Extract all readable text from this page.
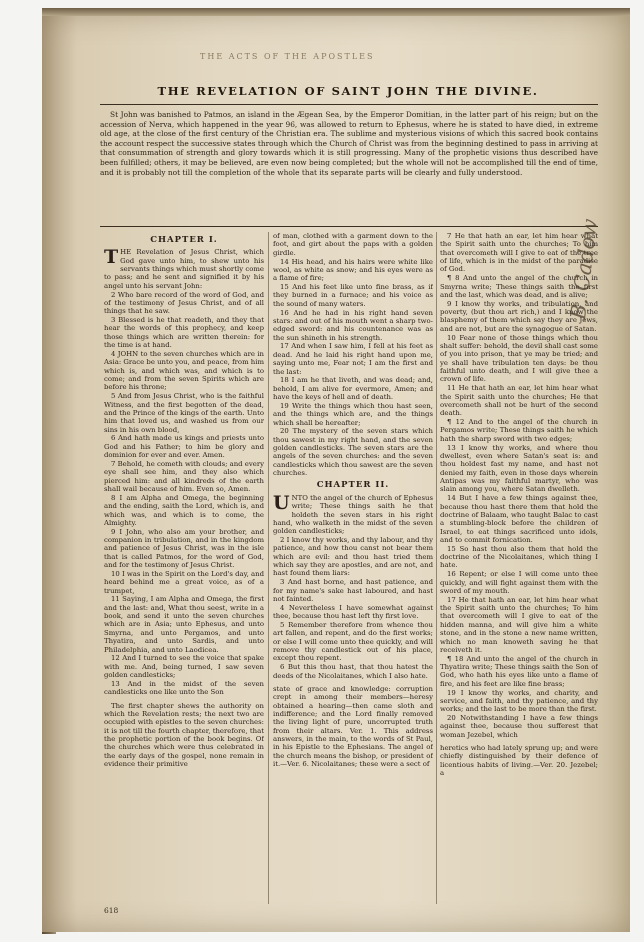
THE ACTS OF THE APOSTLES
THE REVELATION OF SAINT JOHN THE DIVINE.

St John was banished to Patmos, an island in the Ægean Sea, by the Emperor Domitian, in the latter part of his reign; but on the accession of Nerva, which happened in the year 96, was allowed to return to Ephesus, where he is stated to have died, in extreme old age, at the close of the first century of the Christian era. The sublime and mysterious visions of which this sacred book contains the account respect the successive states through which the Church of Christ was from the beginning destined to pass in arriving at that consummation of strength and glory towards which it is still progressing. Many of the prophetic visions thus described have been fulfilled; others, it may be believed, are even now being completed; but the whole will not be accomplished till the end of time, and it is probably not till the completion of the whole that its separate parts will be clearly and fully understood.

CHAPTER I.

THE Revelation of Jesus Christ, which God gave unto him, to shew unto his servants things which must shortly come to pass; and he sent and signified it by his angel unto his servant John:

2 Who bare record of the word of God, and of the testimony of Jesus Christ, and of all things that he saw.

3 Blessed is he that readeth, and they that hear the words of this prophecy, and keep those things which are written therein: for the time is at hand.

4 JOHN to the seven churches which are in Asia: Grace be unto you, and peace, from him which is, and which was, and which is to come; and from the seven Spirits which are before his throne;

5 And from Jesus Christ, who is the faithful Witness, and the first begotten of the dead, and the Prince of the kings of the earth. Unto him that loved us, and washed us from our sins in his own blood,

6 And hath made us kings and priests unto God and his Father; to him be glory and dominion for ever and ever. Amen.

7 Behold, he cometh with clouds; and every eye shall see him, and they also which pierced him: and all kindreds of the earth shall wail because of him. Even so, Amen.

8 I am Alpha and Omega, the beginning and the ending, saith the Lord, which is, and which was, and which is to come, the Almighty.

9 I John, who also am your brother, and companion in tribulation, and in the kingdom and patience of Jesus Christ, was in the isle that is called Patmos, for the word of God, and for the testimony of Jesus Christ.

10 I was in the Spirit on the Lord's day, and heard behind me a great voice, as of a trumpet,

11 Saying, I am Alpha and Omega, the first and the last: and, What thou seest, write in a book, and send it unto the seven churches which are in Asia; unto Ephesus, and unto Smyrna, and unto Pergamos, and unto Thyatira, and unto Sardis, and unto Philadelphia, and unto Laodicea.

12 And I turned to see the voice that spake with me. And, being turned, I saw seven golden candlesticks;

13 And in the midst of the seven candlesticks one like unto the Son

The first chapter shews the authority on which the Revelation rests; the next two are occupied with epistles to the seven churches: it is not till the fourth chapter, therefore, that the prophetic portion of the book begins. Of the churches which were thus celebrated in the early days of the gospel, none remain in evidence their primitive

of man, clothed with a garment down to the foot, and girt about the paps with a golden girdle.

14 His head, and his hairs were white like wool, as white as snow; and his eyes were as a flame of fire;

15 And his feet like unto fine brass, as if they burned in a furnace; and his voice as the sound of many waters.

16 And he had in his right hand seven stars: and out of his mouth went a sharp two-edged sword: and his countenance was as the sun shineth in his strength.

17 And when I saw him, I fell at his feet as dead. And he laid his right hand upon me, saying unto me, Fear not; I am the first and the last:

18 I am he that liveth, and was dead; and, behold, I am alive for evermore, Amen; and have the keys of hell and of death.

19 Write the things which thou hast seen, and the things which are, and the things which shall be hereafter;

20 The mystery of the seven stars which thou sawest in my right hand, and the seven golden candlesticks. The seven stars are the angels of the seven churches: and the seven candlesticks which thou sawest are the seven churches.

CHAPTER II.

UNTO the angel of the church of Ephesus write; These things saith he that holdeth the seven stars in his right hand, who walketh in the midst of the seven golden candlesticks;

2 I know thy works, and thy labour, and thy patience, and how thou canst not bear them which are evil: and thou hast tried them which say they are apostles, and are not, and hast found them liars:

3 And hast borne, and hast patience, and for my name's sake hast laboured, and hast not fainted.

4 Nevertheless I have somewhat against thee, because thou hast left thy first love.

5 Remember therefore from whence thou art fallen, and repent, and do the first works; or else I will come unto thee quickly, and will remove thy candlestick out of his place, except thou repent.

6 But this thou hast, that thou hatest the deeds of the Nicolaitanes, which I also hate.

state of grace and knowledge: corruption crept in among their members—heresy obtained a hearing—then came sloth and indifference; and the Lord finally removed the living light of pure, uncorrupted truth from their altars. Ver. 1. This address answers, in the main, to the words of St Paul, in his Epistle to the Ephesians. The angel of the church means the bishop, or president of it.—Ver. 6. Nicolaitanes; these were a sect of

7 He that hath an ear, let him hear what the Spirit saith unto the churches; To him that overcometh will I give to eat of the tree of life, which is in the midst of the paradise of God.

¶ 8 And unto the angel of the church in Smyrna write; These things saith the first and the last, which was dead, and is alive;

9 I know thy works, and tribulation, and poverty, (but thou art rich,) and I know the blasphemy of them which say they are Jews, and are not, but are the synagogue of Satan.

10 Fear none of those things which thou shalt suffer: behold, the devil shall cast some of you into prison, that ye may be tried; and ye shall have tribulation ten days: be thou faithful unto death, and I will give thee a crown of life.

11 He that hath an ear, let him hear what the Spirit saith unto the churches; He that overcometh shall not be hurt of the second death.

¶ 12 And to the angel of the church in Pergamos write; These things saith he which hath the sharp sword with two edges;

13 I know thy works, and where thou dwellest, even where Satan's seat is: and thou holdest fast my name, and hast not denied my faith, even in those days wherein Antipas was my faithful martyr, who was slain among you, where Satan dwelleth.

14 But I have a few things against thee, because thou hast there them that hold the doctrine of Balaam, who taught Balac to cast a stumbling-block before the children of Israel, to eat things sacrificed unto idols, and to commit fornication.

15 So hast thou also them that hold the doctrine of the Nicolaitanes, which thing I hate.

16 Repent; or else I will come unto thee quickly, and will fight against them with the sword of my mouth.

17 He that hath an ear, let him hear what the Spirit saith unto the churches; To him that overcometh will I give to eat of the hidden manna, and will give him a white stone, and in the stone a new name written, which no man knoweth saving he that receiveth it.

¶ 18 And unto the angel of the church in Thyatira write; These things saith the Son of God, who hath his eyes like unto a flame of fire, and his feet are like fine brass;

19 I know thy works, and charity, and service, and faith, and thy patience, and thy works; and the last to be more than the first.

20 Notwithstanding I have a few things against thee, because thou sufferest that woman Jezebel, which

heretics who had lately sprung up; and were chiefly distinguished by their defence of licentious habits of living.—Ver. 20. Jezebel; a

618
B. Cadow
